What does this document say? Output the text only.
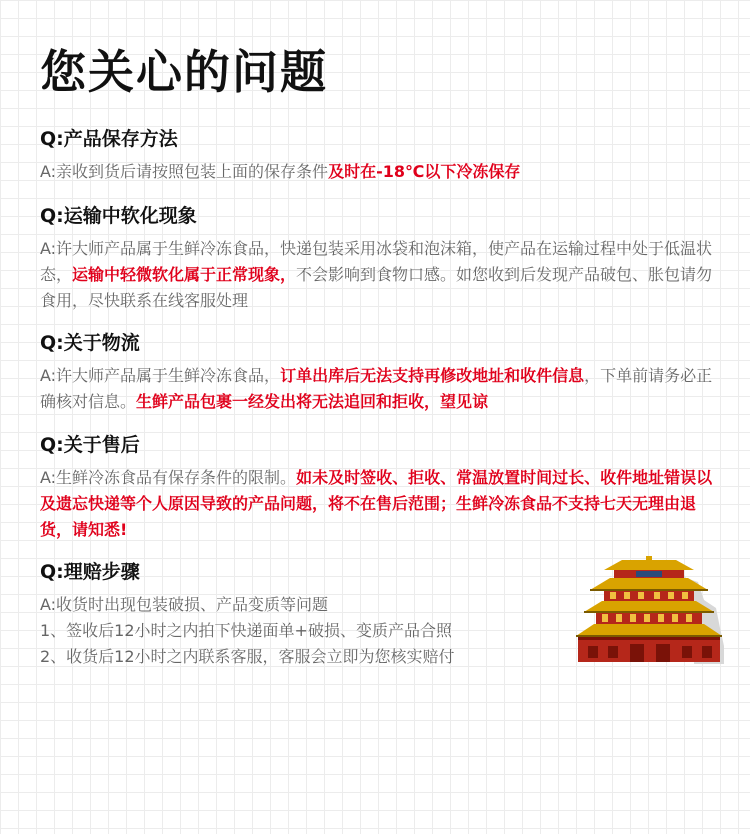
您关心的问题

Q:产品保存方法

A:亲收到货后请按照包装上面的保存条件及时在-18℃以下冷冻保存

Q:运输中软化现象

A:许大师产品属于生鲜冷冻食品，快递包装采用冰袋和泡沫箱，使产品在运输过程中处于低温状态，运输中轻微软化属于正常现象，不会影响到食物口感。如您收到后发现产品破包、胀包请勿食用，尽快联系在线客服处理

Q:关于物流

A:许大师产品属于生鲜冷冻食品，订单出库后无法支持再修改地址和收件信息，下单前请务必正确核对信息。生鲜产品包裹一经发出将无法追回和拒收，望见谅

Q:关于售后

A:生鲜冷冻食品有保存条件的限制。如未及时签收、拒收、常温放置时间过长、收件地址错误以及遗忘快递等个人原因导致的产品问题，将不在售后范围；生鲜冷冻食品不支持七天无理由退货，请知悉!

Q:理赔步骤

A:收货时出现包装破损、产品变质等问题
1、签收后12小时之内拍下快递面单+破损、变质产品合照
2、收货后12小时之内联系客服，客服会立即为您核实赔付
